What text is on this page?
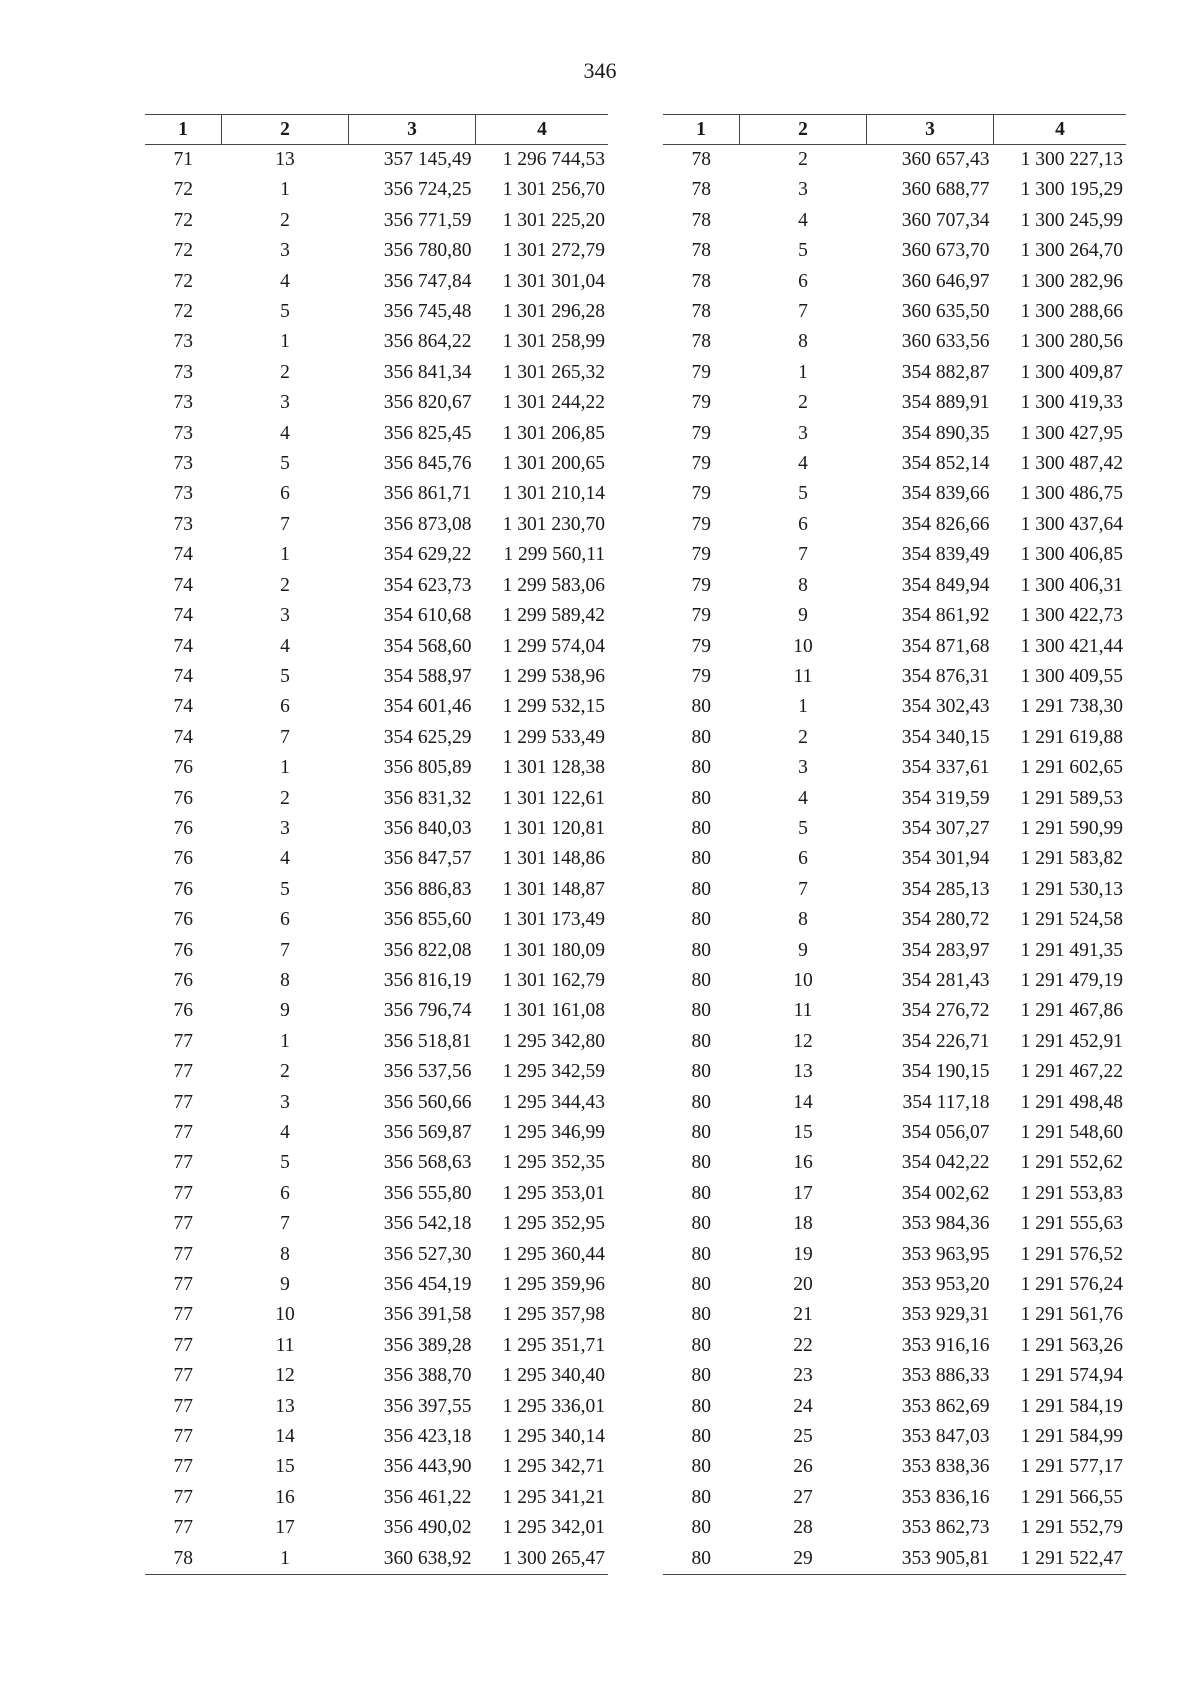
346
1	2	3	4
71	13	357 145,49	1 296 744,53
72	1	356 724,25	1 301 256,70
72	2	356 771,59	1 301 225,20
72	3	356 780,80	1 301 272,79
72	4	356 747,84	1 301 301,04
72	5	356 745,48	1 301 296,28
73	1	356 864,22	1 301 258,99
73	2	356 841,34	1 301 265,32
73	3	356 820,67	1 301 244,22
73	4	356 825,45	1 301 206,85
73	5	356 845,76	1 301 200,65
73	6	356 861,71	1 301 210,14
73	7	356 873,08	1 301 230,70
74	1	354 629,22	1 299 560,11
74	2	354 623,73	1 299 583,06
74	3	354 610,68	1 299 589,42
74	4	354 568,60	1 299 574,04
74	5	354 588,97	1 299 538,96
74	6	354 601,46	1 299 532,15
74	7	354 625,29	1 299 533,49
76	1	356 805,89	1 301 128,38
76	2	356 831,32	1 301 122,61
76	3	356 840,03	1 301 120,81
76	4	356 847,57	1 301 148,86
76	5	356 886,83	1 301 148,87
76	6	356 855,60	1 301 173,49
76	7	356 822,08	1 301 180,09
76	8	356 816,19	1 301 162,79
76	9	356 796,74	1 301 161,08
77	1	356 518,81	1 295 342,80
77	2	356 537,56	1 295 342,59
77	3	356 560,66	1 295 344,43
77	4	356 569,87	1 295 346,99
77	5	356 568,63	1 295 352,35
77	6	356 555,80	1 295 353,01
77	7	356 542,18	1 295 352,95
77	8	356 527,30	1 295 360,44
77	9	356 454,19	1 295 359,96
77	10	356 391,58	1 295 357,98
77	11	356 389,28	1 295 351,71
77	12	356 388,70	1 295 340,40
77	13	356 397,55	1 295 336,01
77	14	356 423,18	1 295 340,14
77	15	356 443,90	1 295 342,71
77	16	356 461,22	1 295 341,21
77	17	356 490,02	1 295 342,01
78	1	360 638,92	1 300 265,47
1	2	3	4
78	2	360 657,43	1 300 227,13
78	3	360 688,77	1 300 195,29
78	4	360 707,34	1 300 245,99
78	5	360 673,70	1 300 264,70
78	6	360 646,97	1 300 282,96
78	7	360 635,50	1 300 288,66
78	8	360 633,56	1 300 280,56
79	1	354 882,87	1 300 409,87
79	2	354 889,91	1 300 419,33
79	3	354 890,35	1 300 427,95
79	4	354 852,14	1 300 487,42
79	5	354 839,66	1 300 486,75
79	6	354 826,66	1 300 437,64
79	7	354 839,49	1 300 406,85
79	8	354 849,94	1 300 406,31
79	9	354 861,92	1 300 422,73
79	10	354 871,68	1 300 421,44
79	11	354 876,31	1 300 409,55
80	1	354 302,43	1 291 738,30
80	2	354 340,15	1 291 619,88
80	3	354 337,61	1 291 602,65
80	4	354 319,59	1 291 589,53
80	5	354 307,27	1 291 590,99
80	6	354 301,94	1 291 583,82
80	7	354 285,13	1 291 530,13
80	8	354 280,72	1 291 524,58
80	9	354 283,97	1 291 491,35
80	10	354 281,43	1 291 479,19
80	11	354 276,72	1 291 467,86
80	12	354 226,71	1 291 452,91
80	13	354 190,15	1 291 467,22
80	14	354 117,18	1 291 498,48
80	15	354 056,07	1 291 548,60
80	16	354 042,22	1 291 552,62
80	17	354 002,62	1 291 553,83
80	18	353 984,36	1 291 555,63
80	19	353 963,95	1 291 576,52
80	20	353 953,20	1 291 576,24
80	21	353 929,31	1 291 561,76
80	22	353 916,16	1 291 563,26
80	23	353 886,33	1 291 574,94
80	24	353 862,69	1 291 584,19
80	25	353 847,03	1 291 584,99
80	26	353 838,36	1 291 577,17
80	27	353 836,16	1 291 566,55
80	28	353 862,73	1 291 552,79
80	29	353 905,81	1 291 522,47
